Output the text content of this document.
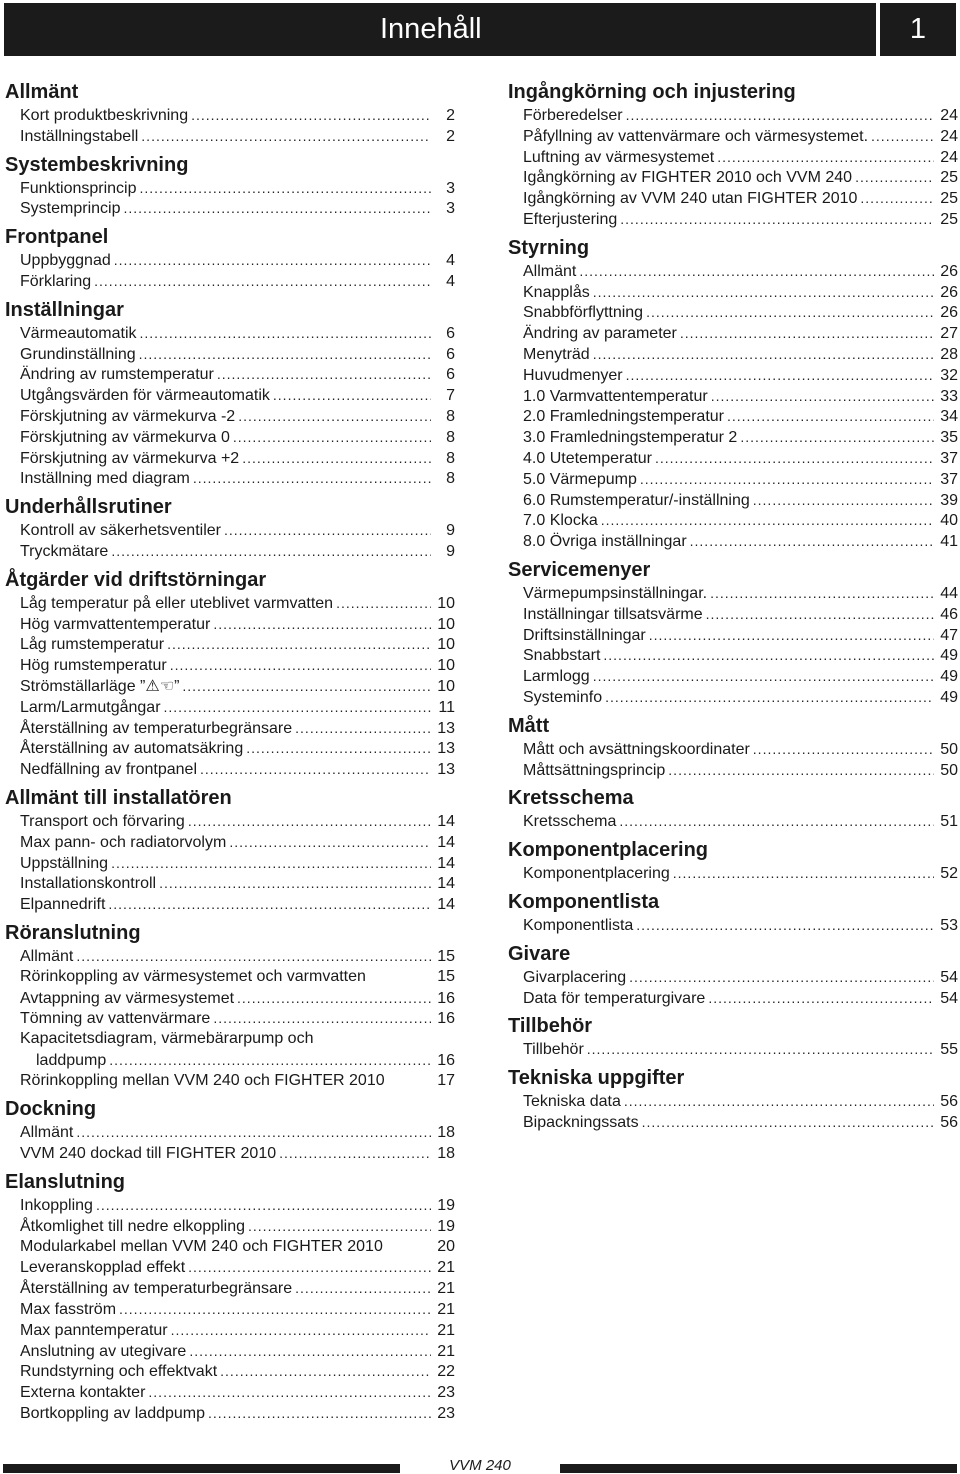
Innehåll	1
Allmänt
Kort produktbeskrivning .....	2
Inställningstabell .....	2
Systembeskrivning
Funktionsprincip .....	3
Systemprincip .....	3
Frontpanel
Uppbyggnad .....	4
Förklaring .....	4
Inställningar
Värmeautomatik .....	6
Grundinställning .....	6
Ändring av rumstemperatur .....	6
Utgångsvärden för värmeautomatik .....	7
Förskjutning av värmekurva -2 .....	8
Förskjutning av värmekurva 0 .....	8
Förskjutning av värmekurva +2 .....	8
Inställning med diagram .....	8
Underhållsrutiner
Kontroll av säkerhetsventiler .....	9
Tryckmätare .....	9
Åtgärder vid driftstörningar
Låg temperatur på eller uteblivet varmvatten .....	10
Hög varmvattentemperatur .....	10
Låg rumstemperatur .....	10
Hög rumstemperatur .....	10
Strömställarläge ”⚠☜” .....	10
Larm/Larmutgångar .....	11
Återställning av temperaturbegränsare .....	13
Återställning av automatsäkring .....	13
Nedfällning av frontpanel .....	13
Allmänt till installatören
Transport och förvaring .....	14
Max pann- och radiatorvolym .....	14
Uppställning .....	14
Installationskontroll .....	14
Elpannedrift .....	14
Röranslutning
Allmänt .....	15
Rörinkoppling av värmesystemet och varmvatten	15
Avtappning av värmesystemet .....	16
Tömning av vattenvärmare .....	16
Kapacitetsdiagram, värmebärarpump och
laddpump .....	16
Rörinkoppling mellan VVM 240 och FIGHTER 2010	17
Dockning
Allmänt .....	18
VVM 240 dockad till FIGHTER 2010 .....	18
Elanslutning
Inkoppling .....	19
Åtkomlighet till nedre elkoppling .....	19
Modularkabel mellan VVM 240 och FIGHTER 2010	20
Leveranskopplad effekt .....	21
Återställning av temperaturbegränsare .....	21
Max fasström .....	21
Max panntemperatur .....	21
Anslutning av utegivare .....	21
Rundstyrning och effektvakt .....	22
Externa kontakter .....	23
Bortkoppling av laddpump .....	23
Ingångkörning och injustering
Förberedelser .....	24
Påfyllning av vattenvärmare och värmesystemet. .....	24
Luftning av värmesystemet .....	24
Igångkörning av FIGHTER 2010 och VVM 240 .....	25
Igångkörning av VVM 240 utan FIGHTER 2010 .....	25
Efterjustering .....	25
Styrning
Allmänt .....	26
Knapplås .....	26
Snabbförflyttning .....	26
Ändring av parameter .....	27
Menyträd .....	28
Huvudmenyer .....	32
1.0 Varmvattentemperatur .....	33
2.0 Framledningstemperatur .....	34
3.0 Framledningstemperatur 2 .....	35
4.0 Utetemperatur .....	37
5.0 Värmepump .....	37
6.0 Rumstemperatur/-inställning .....	39
7.0 Klocka .....	40
8.0 Övriga inställningar .....	41
Servicemenyer
Värmepumpsinställningar. .....	44
Inställningar tillsatsvärme .....	46
Driftsinställningar .....	47
Snabbstart .....	49
Larmlogg .....	49
Systeminfo .....	49
Mått
Mått och avsättningskoordinater .....	50
Måttsättningsprincip .....	50
Kretsschema
Kretsschema .....	51
Komponentplacering
Komponentplacering .....	52
Komponentlista
Komponentlista .....	53
Givare
Givarplacering .....	54
Data för temperaturgivare .....	54
Tillbehör
Tillbehör .....	55
Tekniska uppgifter
Tekniska data .....	56
Bipackningssats .....	56
VVM 240
